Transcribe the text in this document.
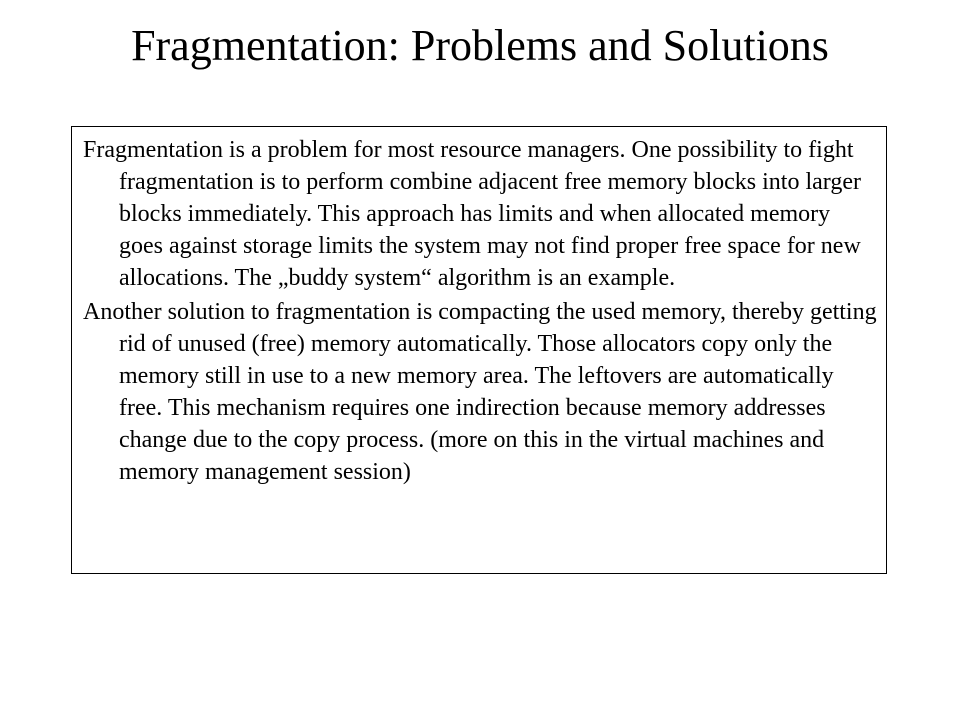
Fragmentation: Problems and Solutions

Fragmentation is a problem for most resource managers. One possibility to fight fragmentation is to perform combine adjacent free memory blocks into larger blocks immediately. This approach has limits and when allocated memory goes against storage limits the system may not find proper free space for new allocations. The „buddy system“ algorithm is an example.

Another solution to fragmentation is compacting the used memory, thereby getting rid of unused (free) memory automatically. Those allocators copy only the memory still in use to a new memory area. The leftovers are automatically free. This mechanism requires one indirection because memory addresses change due to the copy process. (more on this in the virtual machines and memory management session)
